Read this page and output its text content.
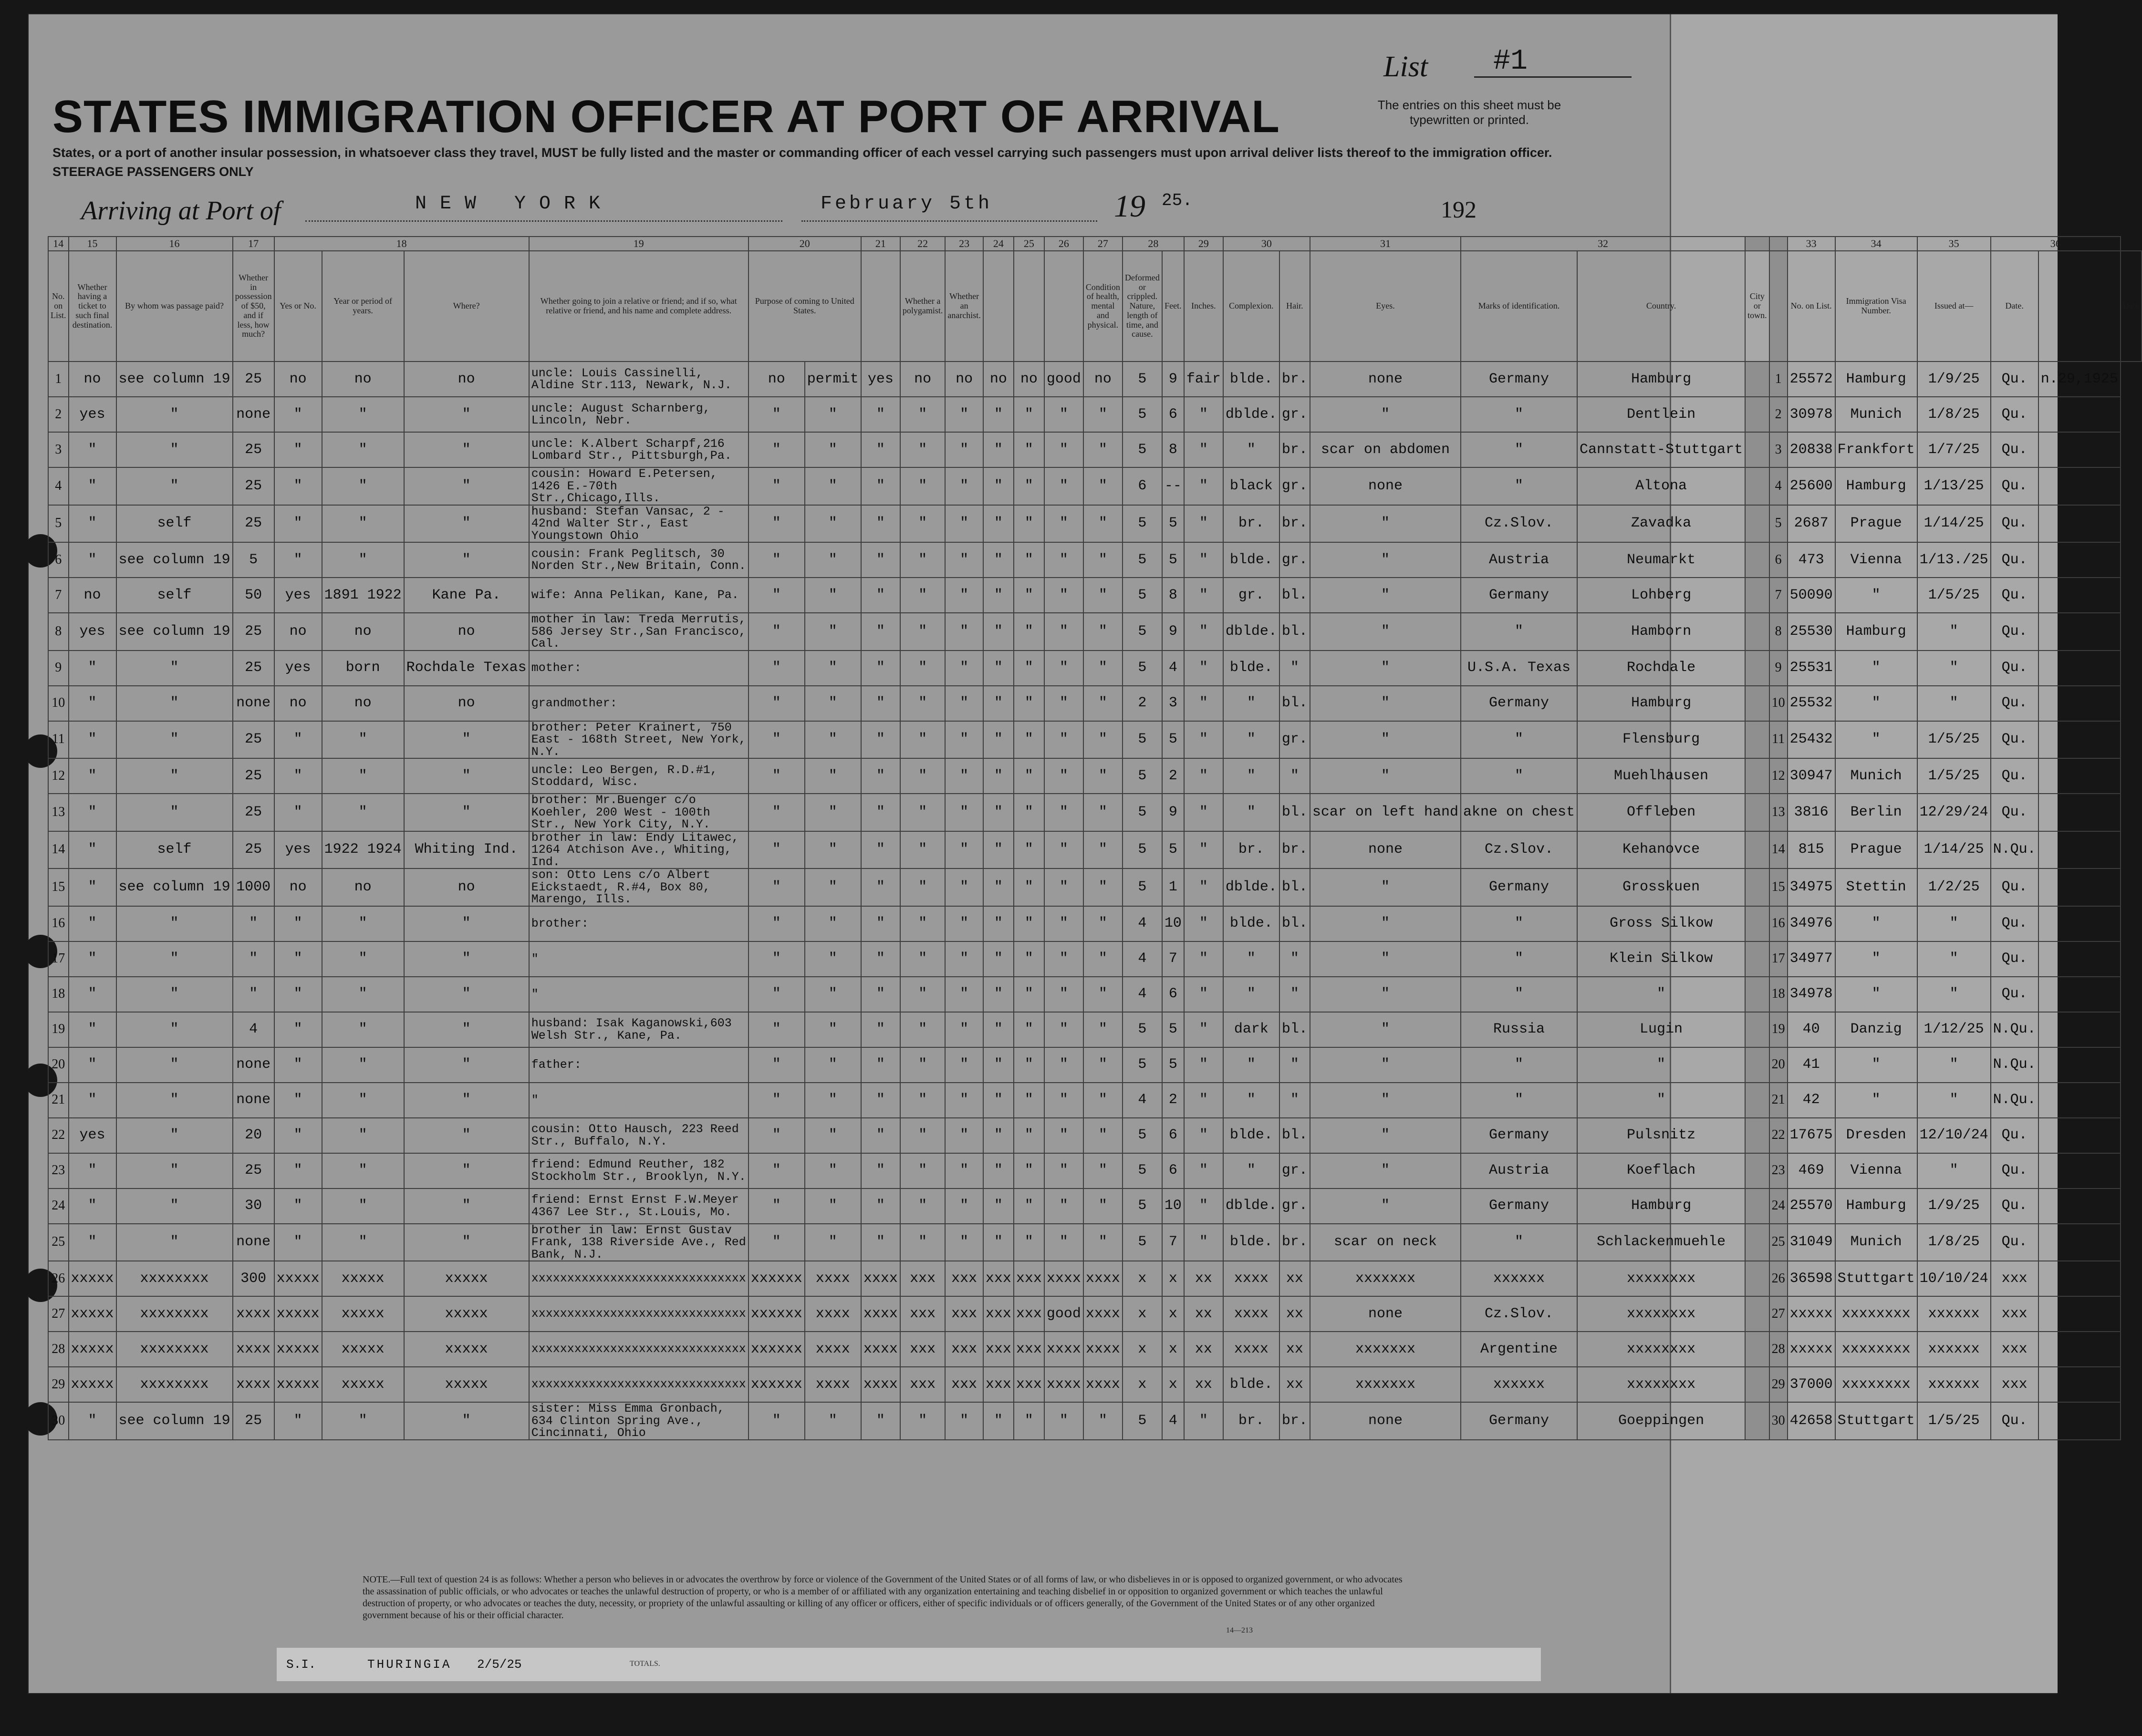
List #1
STATES IMMIGRATION OFFICER AT PORT OF ARRIVAL	The entries on this sheet must be typewritten or printed.
States, or a port of another insular possession, in whatsoever class they travel, MUST be fully listed and the master or commanding officer of each vessel carrying such passengers must upon arrival deliver lists thereof to the immigration officer.
STEERAGE PASSENGERS ONLY
Arriving at Port of	NEW YORK	February 5th	19 25.	192
14	15	16	17	18			19	20		21	22	23	24	25	26	27	28		29	30		31	32				33	34	35	36		
No. on List.	Whether having a ticket to such final destination.	By whom was passage paid?	Whether in possession of $50, and if less, how much?	Yes or No.	Year or period of years.	Where?	Whether going to join a relative or friend; and if so, what relative or friend, and his name and complete address.	Purpose of coming to United States.			Whether a polygamist.	Whether an anarchist.				Condition of health, mental and physical.	Deformed or crippled. Nature, length of time, and cause.	Feet.	Inches.	Complexion.	Hair.	Eyes.	Marks of identification.	Country.	City or town.		No. on List.	Immigration Visa Number.	Issued at—	Date.		Date
1	no	see column 19	25	no	no	no	uncle: Louis Cassinelli, Aldine Str.113, Newark, N.J.	no	permit	yes	no	no	no	no	good	no	5	9	fair	blde.	br.	none	Germany	Hamburg		1	25572	Hamburg	1/9/25	Qu.	n.29,1925	
2	yes	"	none	"	"	"	uncle: August Scharnberg, Lincoln, Nebr.	"	"	"	"	"	"	"	"	"	5	6	"	dblde.	gr.	"	"	Dentlein		2	30978	Munich	1/8/25	Qu.		
3	"	"	25	"	"	"	uncle: K.Albert Scharpf,216 Lombard Str., Pittsburgh,Pa.	"	"	"	"	"	"	"	"	"	5	8	"	"	br.	scar on abdomen	"	Cannstatt-Stuttgart		3	20838	Frankfort	1/7/25	Qu.		
4	"	"	25	"	"	"	cousin: Howard E.Petersen, 1426 E.-70th Str.,Chicago,Ills.	"	"	"	"	"	"	"	"	"	6	--	"	black	gr.	none	"	Altona		4	25600	Hamburg	1/13/25	Qu.		
5	"	self	25	"	"	"	husband: Stefan Vansac, 2 - 42nd Walter Str., East Youngstown Ohio	"	"	"	"	"	"	"	"	"	5	5	"	br.	br.	"	Cz.Slov.	Zavadka		5	2687	Prague	1/14/25	Qu.		
6	"	see column 19	5	"	"	"	cousin: Frank Peglitsch, 30 Norden Str.,New Britain, Conn.	"	"	"	"	"	"	"	"	"	5	5	"	blde.	gr.	"	Austria	Neumarkt		6	473	Vienna	1/13./25	Qu.		
7	no	self	50	yes	1891 1922	Kane Pa.	wife: Anna Pelikan, Kane, Pa.	"	"	"	"	"	"	"	"	"	5	8	"	gr.	bl.	"	Germany	Lohberg		7	50090	"	1/5/25	Qu.		
8	yes	see column 19	25	no	no	no	mother in law: Treda Merrutis, 586 Jersey Str.,San Francisco, Cal.	"	"	"	"	"	"	"	"	"	5	9	"	dblde.	bl.	"	"	Hamborn		8	25530	Hamburg	"	Qu.		
9	"	"	25	yes	born	Rochdale Texas	mother:	"	"	"	"	"	"	"	"	"	5	4	"	blde.	"	"	U.S.A. Texas	Rochdale		9	25531	"	"	Qu.		
10	"	"	none	no	no	no	grandmother:	"	"	"	"	"	"	"	"	"	2	3	"	"	bl.	"	Germany	Hamburg		10	25532	"	"	Qu.		
11	"	"	25	"	"	"	brother: Peter Krainert, 750 East - 168th Street, New York, N.Y.	"	"	"	"	"	"	"	"	"	5	5	"	"	gr.	"	"	Flensburg		11	25432	"	1/5/25	Qu.		
12	"	"	25	"	"	"	uncle: Leo Bergen, R.D.#1, Stoddard, Wisc.	"	"	"	"	"	"	"	"	"	5	2	"	"	"	"	"	Muehlhausen		12	30947	Munich	1/5/25	Qu.		
13	"	"	25	"	"	"	brother: Mr.Buenger c/o Koehler, 200 West - 100th Str., New York City, N.Y.	"	"	"	"	"	"	"	"	"	5	9	"	"	bl.	scar on left hand	akne on chest	Offleben		13	3816	Berlin	12/29/24	Qu.		
14	"	self	25	yes	1922 1924	Whiting Ind.	brother in law: Endy Litawec, 1264 Atchison Ave., Whiting, Ind.	"	"	"	"	"	"	"	"	"	5	5	"	br.	br.	none	Cz.Slov.	Kehanovce		14	815	Prague	1/14/25	N.Qu.		
15	"	see column 19	1000	no	no	no	son: Otto Lens c/o Albert Eickstaedt, R.#4, Box 80, Marengo, Ills.	"	"	"	"	"	"	"	"	"	5	1	"	dblde.	bl.	"	Germany	Grosskuen		15	34975	Stettin	1/2/25	Qu.		
16	"	"	"	"	"	"	brother:	"	"	"	"	"	"	"	"	"	4	10	"	blde.	bl.	"	"	Gross Silkow		16	34976	"	"	Qu.		
17	"	"	"	"	"	"	"	"	"	"	"	"	"	"	"	"	4	7	"	"	"	"	"	Klein Silkow		17	34977	"	"	Qu.		
18	"	"	"	"	"	"	"	"	"	"	"	"	"	"	"	"	4	6	"	"	"	"	"	"		18	34978	"	"	Qu.		
19	"	"	4	"	"	"	husband: Isak Kaganowski,603 Welsh Str., Kane, Pa.	"	"	"	"	"	"	"	"	"	5	5	"	dark	bl.	"	Russia	Lugin		19	40	Danzig	1/12/25	N.Qu.		
20	"	"	none	"	"	"	father:	"	"	"	"	"	"	"	"	"	5	5	"	"	"	"	"	"		20	41	"	"	N.Qu.		
21	"	"	none	"	"	"	"	"	"	"	"	"	"	"	"	"	4	2	"	"	"	"	"	"		21	42	"	"	N.Qu.		
22	yes	"	20	"	"	"	cousin: Otto Hausch, 223 Reed Str., Buffalo, N.Y.	"	"	"	"	"	"	"	"	"	5	6	"	blde.	bl.	"	Germany	Pulsnitz		22	17675	Dresden	12/10/24	Qu.		
23	"	"	25	"	"	"	friend: Edmund Reuther, 182 Stockholm Str., Brooklyn, N.Y.	"	"	"	"	"	"	"	"	"	5	6	"	"	gr.	"	Austria	Koeflach		23	469	Vienna	"	Qu.		
24	"	"	30	"	"	"	friend: Ernst Ernst F.W.Meyer 4367 Lee Str., St.Louis, Mo.	"	"	"	"	"	"	"	"	"	5	10	"	dblde.	gr.	"	Germany	Hamburg		24	25570	Hamburg	1/9/25	Qu.		
25	"	"	none	"	"	"	brother in law: Ernst Gustav Frank, 138 Riverside Ave., Red Bank, N.J.	"	"	"	"	"	"	"	"	"	5	7	"	blde.	br.	scar on neck	"	Schlackenmuehle		25	31049	Munich	1/8/25	Qu.		
26	xxxxx	xxxxxxxx	300	xxxxx	xxxxx	xxxxx	xxxxxxxxxxxxxxxxxxxxxxxxxxxxxx	xxxxxx	xxxx	xxxx	xxx	xxx	xxx	xxx	xxxx	xxxx	x	x	xx	xxxx	xx	xxxxxxx	xxxxxx	xxxxxxxx		26	36598	Stuttgart	10/10/24	xxx		
27	xxxxx	xxxxxxxx	xxxx	xxxxx	xxxxx	xxxxx	xxxxxxxxxxxxxxxxxxxxxxxxxxxxxx	xxxxxx	xxxx	xxxx	xxx	xxx	xxx	xxx	good	xxxx	x	x	xx	xxxx	xx	none	Cz.Slov.	xxxxxxxx		27	xxxxx	xxxxxxxx	xxxxxx	xxx		
28	xxxxx	xxxxxxxx	xxxx	xxxxx	xxxxx	xxxxx	xxxxxxxxxxxxxxxxxxxxxxxxxxxxxx	xxxxxx	xxxx	xxxx	xxx	xxx	xxx	xxx	xxxx	xxxx	x	x	xx	xxxx	xx	xxxxxxx	Argentine	xxxxxxxx		28	xxxxx	xxxxxxxx	xxxxxx	xxx		
29	xxxxx	xxxxxxxx	xxxx	xxxxx	xxxxx	xxxxx	xxxxxxxxxxxxxxxxxxxxxxxxxxxxxx	xxxxxx	xxxx	xxxx	xxx	xxx	xxx	xxx	xxxx	xxxx	x	x	xx	blde.	xx	xxxxxxx	xxxxxx	xxxxxxxx		29	37000	xxxxxxxx	xxxxxx	xxx		
30	"	see column 19	25	"	"	"	sister: Miss Emma Gronbach, 634 Clinton Spring Ave., Cincinnati, Ohio	"	"	"	"	"	"	"	"	"	5	4	"	br.	br.	none	Germany	Goeppingen		30	42658	Stuttgart	1/5/25	Qu.		
NOTE.—Full text of question 24 is as follows: Whether a person who believes in or advocates the overthrow by force or violence of the Government of the United States or of all forms of law, or who disbelieves in or is opposed to organized government, or who advocates the assassination of public officials, or who advocates or teaches the unlawful destruction of property, or who is a member of or affiliated with any organization entertaining and teaching disbelief in or opposition to organized government or which teaches the unlawful destruction of property, or who advocates or teaches the duty, necessity, or propriety of the unlawful assaulting or killing of any officer or officers, either of specific individuals or of officers generally, of the Government of the United States or of any other organized government because of his or their official character.
14—213
S.I.	THURINGIA 2/5/25	TOTALS.
